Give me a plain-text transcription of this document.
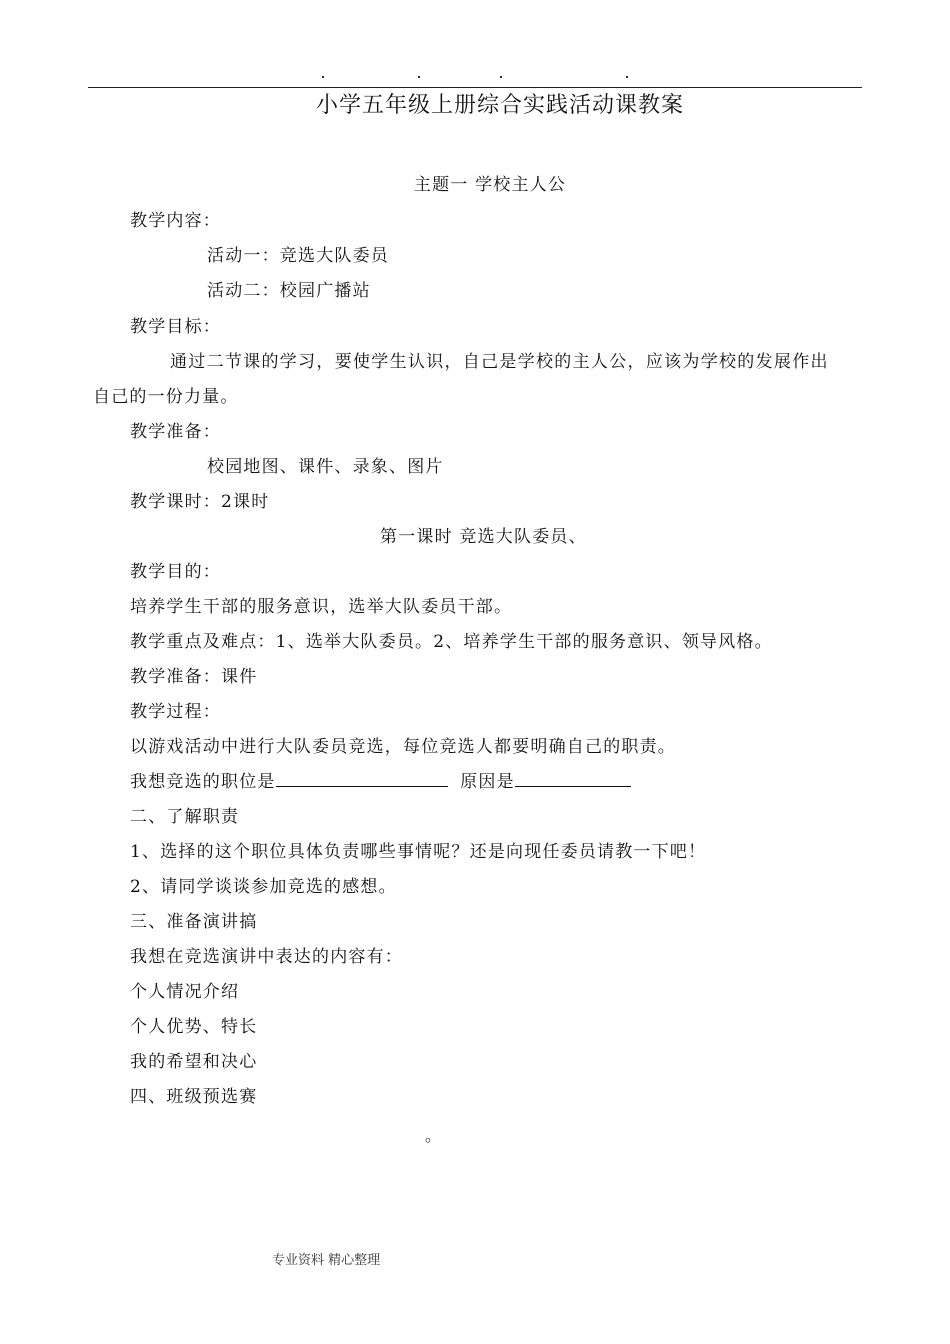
小学五年级上册综合实践活动课教案
主题一 学校主人公
教学内容：
活动一：竞选大队委员
活动二：校园广播站
教学目标：
通过二节课的学习，要使学生认识，自己是学校的主人公，应该为学校的发展作出
自己的一份力量。
教学准备：
校园地图、课件、录象、图片
教学课时：2课时
第一课时 竞选大队委员、
教学目的：
培养学生干部的服务意识，选举大队委员干部。
教学重点及难点：1、选举大队委员。2、培养学生干部的服务意识、领导风格。
教学准备：课件
教学过程：
以游戏活动中进行大队委员竞选，每位竞选人都要明确自己的职责。
我想竞选的职位是	原因是
二、了解职责
1、选择的这个职位具体负责哪些事情呢？还是向现任委员请教一下吧！
2、请同学谈谈参加竞选的感想。
三、准备演讲搞
我想在竞选演讲中表达的内容有：
个人情况介绍
个人优势、特长
我的希望和决心
四、班级预选赛
。
专业资料 精心整理
